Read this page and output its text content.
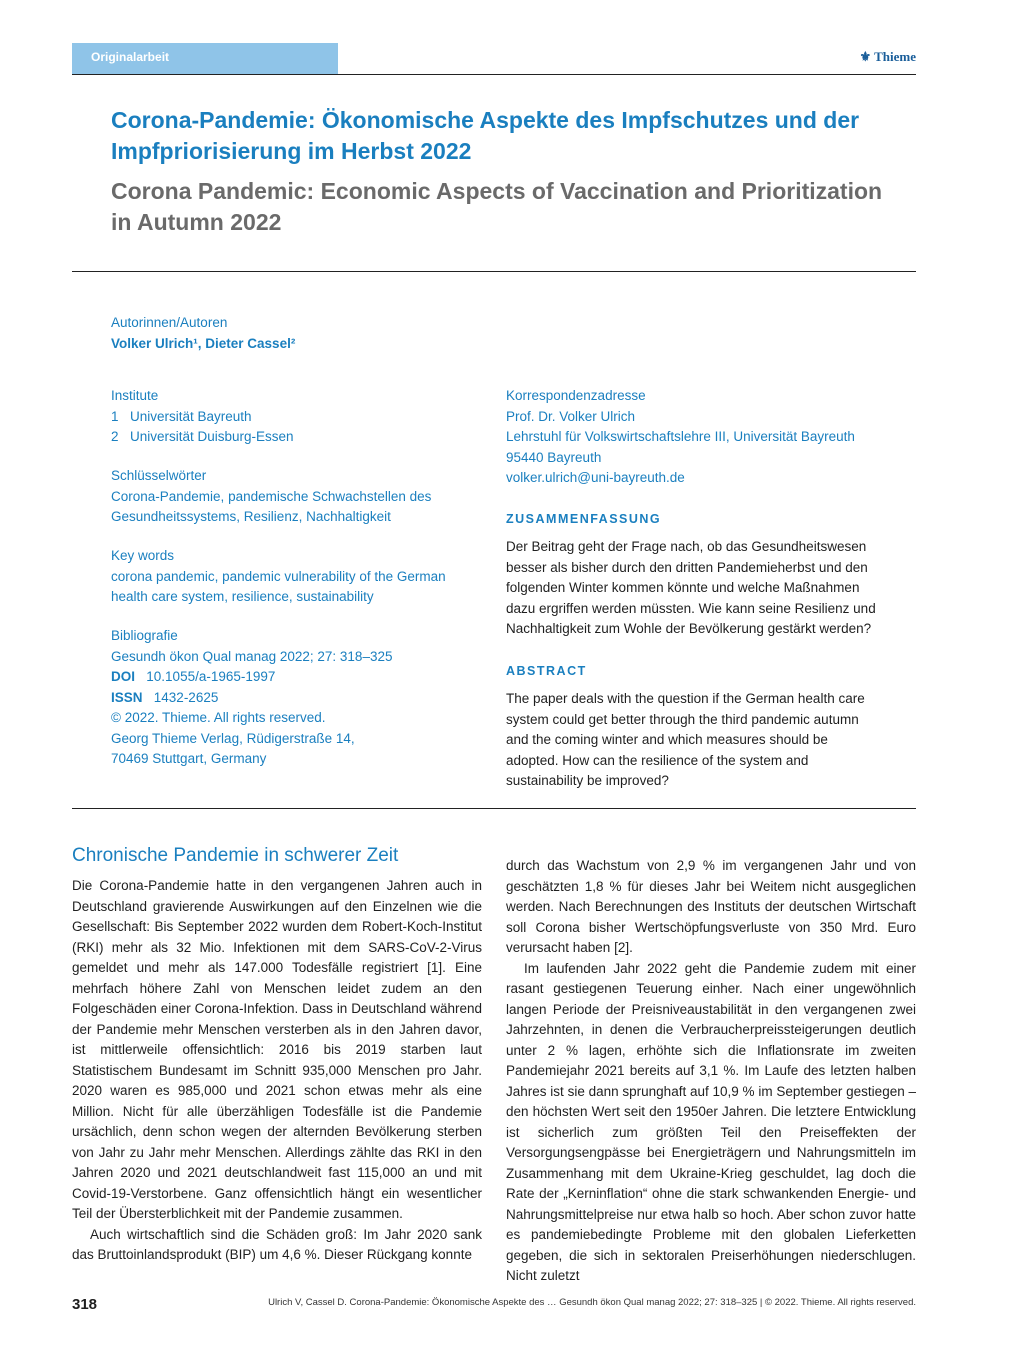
Originalarbeit	⚜ Thieme
Corona-Pandemie: Ökonomische Aspekte des Impfschutzes und der Impfpriorisierung im Herbst 2022
Corona Pandemic: Economic Aspects of Vaccination and Prioritization in Autumn 2022
Autorinnen/Autoren
Volker Ulrich¹, Dieter Cassel²
Institute
1 Universität Bayreuth
2 Universität Duisburg-Essen
Schlüsselwörter
Corona-Pandemie, pandemische Schwachstellen des Gesundheitssystems, Resilienz, Nachhaltigkeit
Key words
corona pandemic, pandemic vulnerability of the German health care system, resilience, sustainability
Bibliografie
Gesundh ökon Qual manag 2022; 27: 318–325
DOI 10.1055/a-1965-1997
ISSN 1432-2625
© 2022. Thieme. All rights reserved.
Georg Thieme Verlag, Rüdigerstraße 14,
70469 Stuttgart, Germany
Korrespondenzadresse
Prof. Dr. Volker Ulrich
Lehrstuhl für Volkswirtschaftslehre III, Universität Bayreuth
95440 Bayreuth
volker.ulrich@uni-bayreuth.de
ZUSAMMENFASSUNG
Der Beitrag geht der Frage nach, ob das Gesundheitswesen besser als bisher durch den dritten Pandemieherbst und den folgenden Winter kommen könnte und welche Maßnahmen dazu ergriffen werden müssten. Wie kann seine Resilienz und Nachhaltigkeit zum Wohle der Bevölkerung gestärkt werden?
ABSTRACT
The paper deals with the question if the German health care system could get better through the third pandemic autumn and the coming winter and which measures should be adopted. How can the resilience of the system and sustainability be improved?
Chronische Pandemie in schwerer Zeit

Die Corona-Pandemie hatte in den vergangenen Jahren auch in Deutschland gravierende Auswirkungen auf den Einzelnen wie die Gesellschaft: Bis September 2022 wurden dem Robert-Koch-Institut (RKI) mehr als 32 Mio. Infektionen mit dem SARS-CoV-2-Virus gemeldet und mehr als 147.000 Todesfälle registriert [1]. Eine mehrfach höhere Zahl von Menschen leidet zudem an den Folgeschäden einer Corona-Infektion. Dass in Deutschland während der Pandemie mehr Menschen versterben als in den Jahren davor, ist mittlerweile offensichtlich: 2016 bis 2019 starben laut Statistischem Bundesamt im Schnitt 935,000 Menschen pro Jahr. 2020 waren es 985,000 und 2021 schon etwas mehr als eine Million. Nicht für alle überzähligen Todesfälle ist die Pandemie ursächlich, denn schon wegen der alternden Bevölkerung sterben von Jahr zu Jahr mehr Menschen. Allerdings zählte das RKI in den Jahren 2020 und 2021 deutschlandweit fast 115,000 an und mit Covid-19-Verstorbene. Ganz offensichtlich hängt ein wesentlicher Teil der Übersterblichkeit mit der Pandemie zusammen.

Auch wirtschaftlich sind die Schäden groß: Im Jahr 2020 sank das Bruttoinlandsprodukt (BIP) um 4,6 %. Dieser Rückgang konnte

durch das Wachstum von 2,9 % im vergangenen Jahr und von geschätzten 1,8 % für dieses Jahr bei Weitem nicht ausgeglichen werden. Nach Berechnungen des Instituts der deutschen Wirtschaft soll Corona bisher Wertschöpfungsverluste von 350 Mrd. Euro verursacht haben [2].

Im laufenden Jahr 2022 geht die Pandemie zudem mit einer rasant gestiegenen Teuerung einher. Nach einer ungewöhnlich langen Periode der Preisniveaustabilität in den vergangenen zwei Jahrzehnten, in denen die Verbraucherpreissteigerungen deutlich unter 2 % lagen, erhöhte sich die Inflationsrate im zweiten Pandemiejahr 2021 bereits auf 3,1 %. Im Laufe des letzten halben Jahres ist sie dann sprunghaft auf 10,9 % im September gestiegen – den höchsten Wert seit den 1950er Jahren. Die letztere Entwicklung ist sicherlich zum größten Teil den Preiseffekten der Versorgungsengpässe bei Energieträgern und Nahrungsmitteln im Zusammenhang mit dem Ukraine-Krieg geschuldet, lag doch die Rate der „Kerninflation“ ohne die stark schwankenden Energie- und Nahrungsmittelpreise nur etwa halb so hoch. Aber schon zuvor hatte es pandemiebedingte Probleme mit den globalen Lieferketten gegeben, die sich in sektoralen Preiserhöhungen niederschlugen. Nicht zuletzt

318	Ulrich V, Cassel D. Corona-Pandemie: Ökonomische Aspekte des … Gesundh ökon Qual manag 2022; 27: 318–325 | © 2022. Thieme. All rights reserved.
